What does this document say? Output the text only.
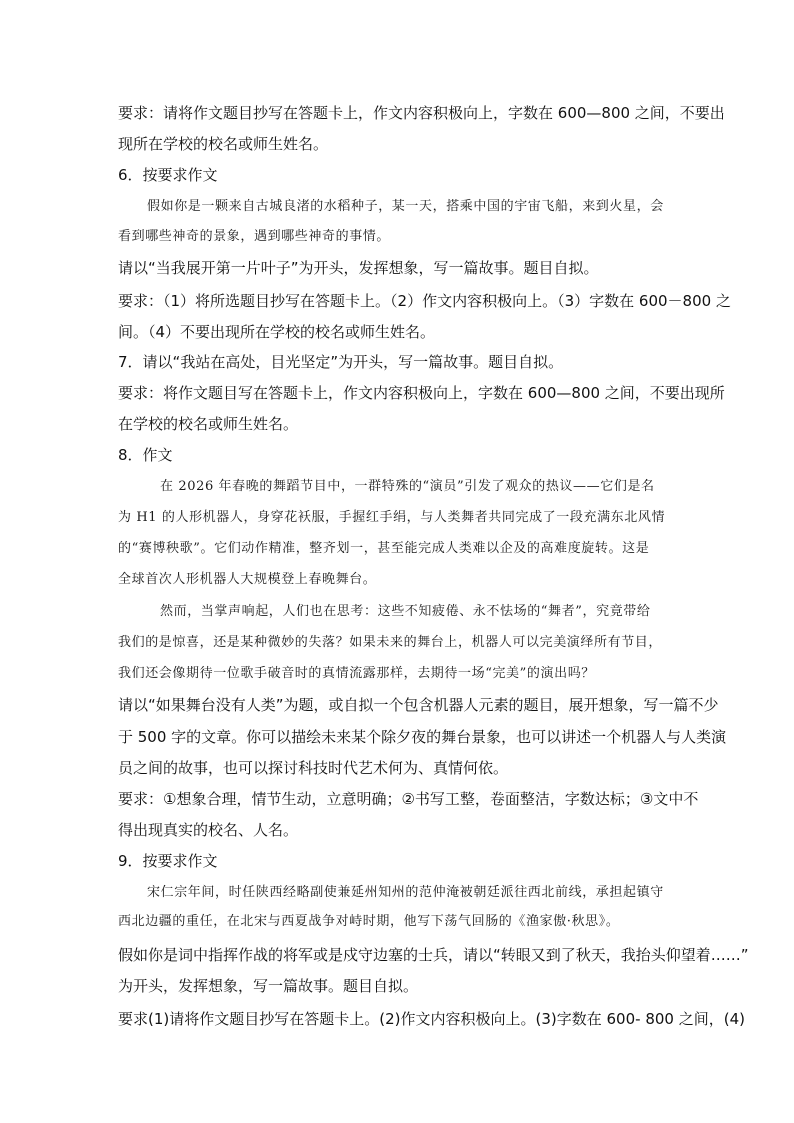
要求：请将作文题目抄写在答题卡上，作文内容积极向上，字数在 600—800 之间，不要出
现所在学校的校名或师生姓名。
6．按要求作文
假如你是一颗来自古城良渚的水稻种子，某一天，搭乘中国的宇宙飞船，来到火星，会
看到哪些神奇的景象，遇到哪些神奇的事情。
请以“当我展开第一片叶子”为开头，发挥想象，写一篇故事。题目自拟。
要求：（1）将所选题目抄写在答题卡上。（2）作文内容积极向上。（3）字数在 600－800 之
间。（4）不要出现所在学校的校名或师生姓名。
7．请以“我站在高处，目光坚定”为开头，写一篇故事。题目自拟。
要求：将作文题目写在答题卡上，作文内容积极向上，字数在 600—800 之间，不要出现所
在学校的校名或师生姓名。
8．作文
在 2026 年春晚的舞蹈节目中，一群特殊的“演员”引发了观众的热议——它们是名
为 H1 的人形机器人，身穿花袄服，手握红手绢，与人类舞者共同完成了一段充满东北风情
的“赛博秧歌”。它们动作精准，整齐划一，甚至能完成人类难以企及的高难度旋转。这是
全球首次人形机器人大规模登上春晚舞台。
然而，当掌声响起，人们也在思考：这些不知疲倦、永不怯场的“舞者”，究竟带给
我们的是惊喜，还是某种微妙的失落？如果未来的舞台上，机器人可以完美演绎所有节目，
我们还会像期待一位歌手破音时的真情流露那样，去期待一场“完美”的演出吗？
请以“如果舞台没有人类”为题，或自拟一个包含机器人元素的题目，展开想象，写一篇不少
于 500 字的文章。你可以描绘未来某个除夕夜的舞台景象，也可以讲述一个机器人与人类演
员之间的故事，也可以探讨科技时代艺术何为、真情何依。
要求：①想象合理，情节生动，立意明确；②书写工整，卷面整洁，字数达标；③文中不
得出现真实的校名、人名。
9．按要求作文
宋仁宗年间，时任陕西经略副使兼延州知州的范仲淹被朝廷派往西北前线，承担起镇守
西北边疆的重任，在北宋与西夏战争对峙时期，他写下荡气回肠的《渔家傲·秋思》。
假如你是词中指挥作战的将军或是戍守边塞的士兵，请以“转眼又到了秋天，我抬头仰望着……”
为开头，发挥想象，写一篇故事。题目自拟。
要求(1)请将作文题目抄写在答题卡上。(2)作文内容积极向上。(3)字数在 600- 800 之间，(4)
